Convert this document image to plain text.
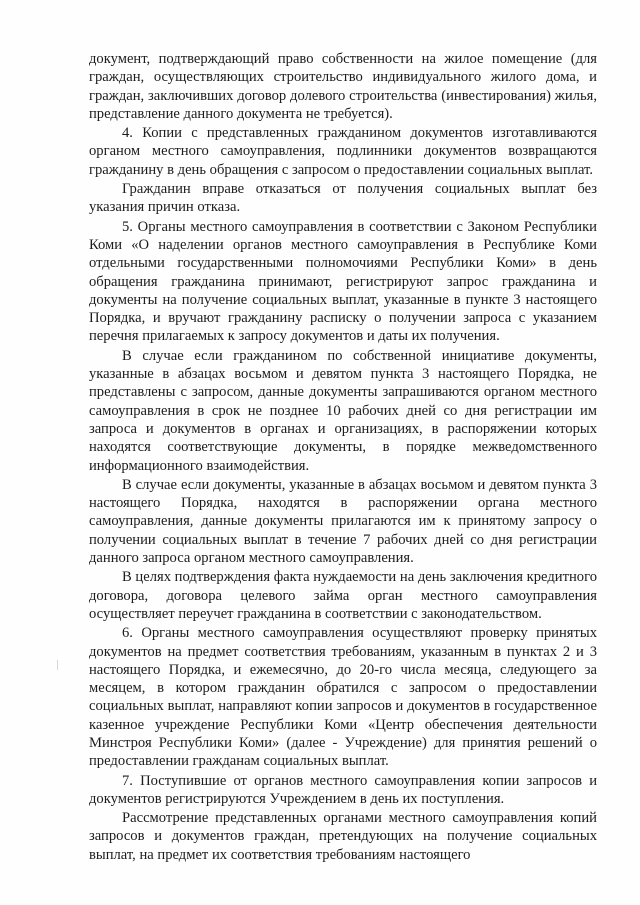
документ, подтверждающий право собственности на жилое помещение (для граждан, осуществляющих строительство индивидуального жилого дома, и граждан, заключивших договор долевого строительства (инвестирования) жилья, представление данного документа не требуется).

4. Копии с представленных гражданином документов изготавливаются органом местного самоуправления, подлинники документов возвращаются гражданину в день обращения с запросом о предоставлении социальных выплат.

Гражданин вправе отказаться от получения социальных выплат без указания причин отказа.

5. Органы местного самоуправления в соответствии с Законом Республики Коми «О наделении органов местного самоуправления в Республике Коми отдельными государственными полномочиями Республики Коми» в день обращения гражданина принимают, регистрируют запрос гражданина и документы на получение социальных выплат, указанные в пункте 3 настоящего Порядка, и вручают гражданину расписку о получении запроса с указанием перечня прилагаемых к запросу документов и даты их получения.

В случае если гражданином по собственной инициативе документы, указанные в абзацах восьмом и девятом пункта 3 настоящего Порядка, не представлены с запросом, данные документы запрашиваются органом местного самоуправления в срок не позднее 10 рабочих дней со дня регистрации им запроса и документов в органах и организациях, в распоряжении которых находятся соответствующие документы, в порядке межведомственного информационного взаимодействия.

В случае если документы, указанные в абзацах восьмом и девятом пункта 3 настоящего Порядка, находятся в распоряжении органа местного самоуправления, данные документы прилагаются им к принятому запросу о получении социальных выплат в течение 7 рабочих дней со дня регистрации данного запроса органом местного самоуправления.

В целях подтверждения факта нуждаемости на день заключения кредитного договора, договора целевого займа орган местного самоуправления осуществляет переучет гражданина в соответствии с законодательством.

6. Органы местного самоуправления осуществляют проверку принятых документов на предмет соответствия требованиям, указанным в пунктах 2 и 3 настоящего Порядка, и ежемесячно, до 20-го числа месяца, следующего за месяцем, в котором гражданин обратился с запросом о предоставлении социальных выплат, направляют копии запросов и документов в государственное казенное учреждение Республики Коми «Центр обеспечения деятельности Минстроя Республики Коми» (далее - Учреждение) для принятия решений о предоставлении гражданам социальных выплат.

7. Поступившие от органов местного самоуправления копии запросов и документов регистрируются Учреждением в день их поступления.

Рассмотрение представленных органами местного самоуправления копий запросов и документов граждан, претендующих на получение социальных выплат, на предмет их соответствия требованиям настоящего
